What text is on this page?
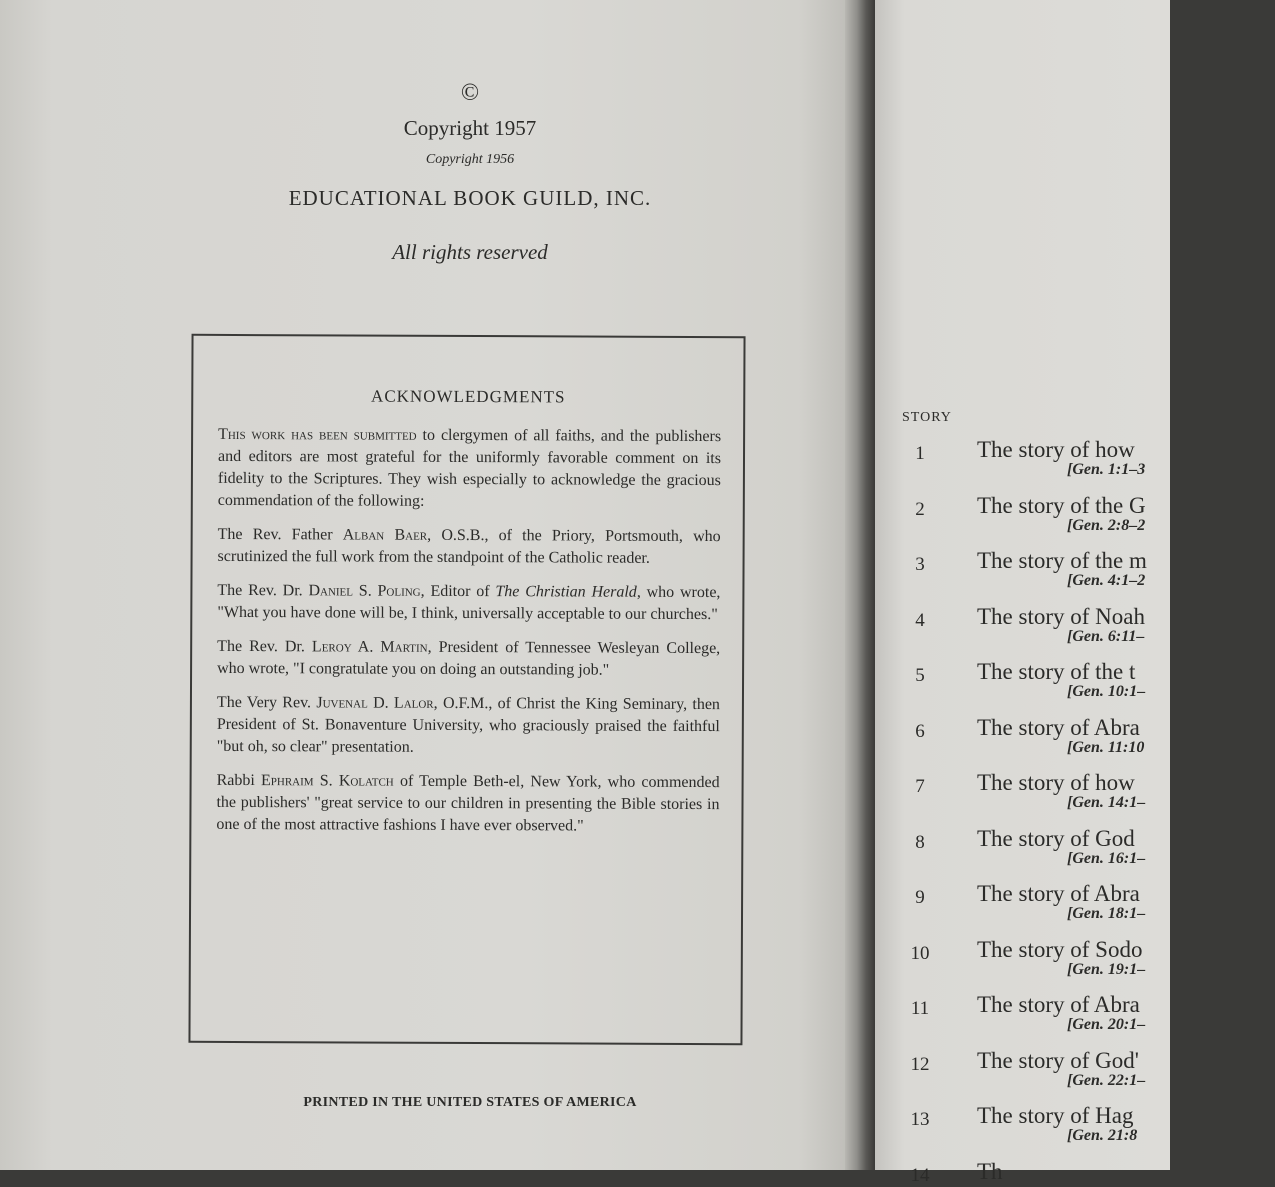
©
Copyright 1957
Copyright 1956
EDUCATIONAL BOOK GUILD, INC.
All rights reserved
ACKNOWLEDGMENTS

This work has been submitted to clergymen of all faiths, and the publishers and editors are most grateful for the uniformly favorable comment on its fidelity to the Scriptures. They wish especially to acknowledge the gracious commendation of the following:

The Rev. Father Alban Baer, O.S.B., of the Priory, Portsmouth, who scrutinized the full work from the standpoint of the Catholic reader.

The Rev. Dr. Daniel S. Poling, Editor of The Christian Herald, who wrote, "What you have done will be, I think, universally acceptable to our churches."

The Rev. Dr. Leroy A. Martin, President of Tennessee Wesleyan College, who wrote, "I congratulate you on doing an outstanding job."

The Very Rev. Juvenal D. Lalor, O.F.M., of Christ the King Seminary, then President of St. Bonaventure University, who graciously praised the faithful "but oh, so clear" presentation.

Rabbi Ephraim S. Kolatch of Temple Beth-el, New York, who commended the publishers' "great service to our children in presenting the Bible stories in one of the most attractive fashions I have ever observed."

PRINTED IN THE UNITED STATES OF AMERICA
STORY
1	The story of how
[Gen. 1:1–3
2	The story of the G
[Gen. 2:8–2
3	The story of the m
[Gen. 4:1–2
4	The story of Noah
[Gen. 6:11–
5	The story of the t
[Gen. 10:1–
6	The story of Abra
[Gen. 11:10
7	The story of how
[Gen. 14:1–
8	The story of God
[Gen. 16:1–
9	The story of Abra
[Gen. 18:1–
10	The story of Sodo
[Gen. 19:1–
11	The story of Abra
[Gen. 20:1–
12	The story of God'
[Gen. 22:1–
13	The story of Hag
[Gen. 21:8
14	Th
